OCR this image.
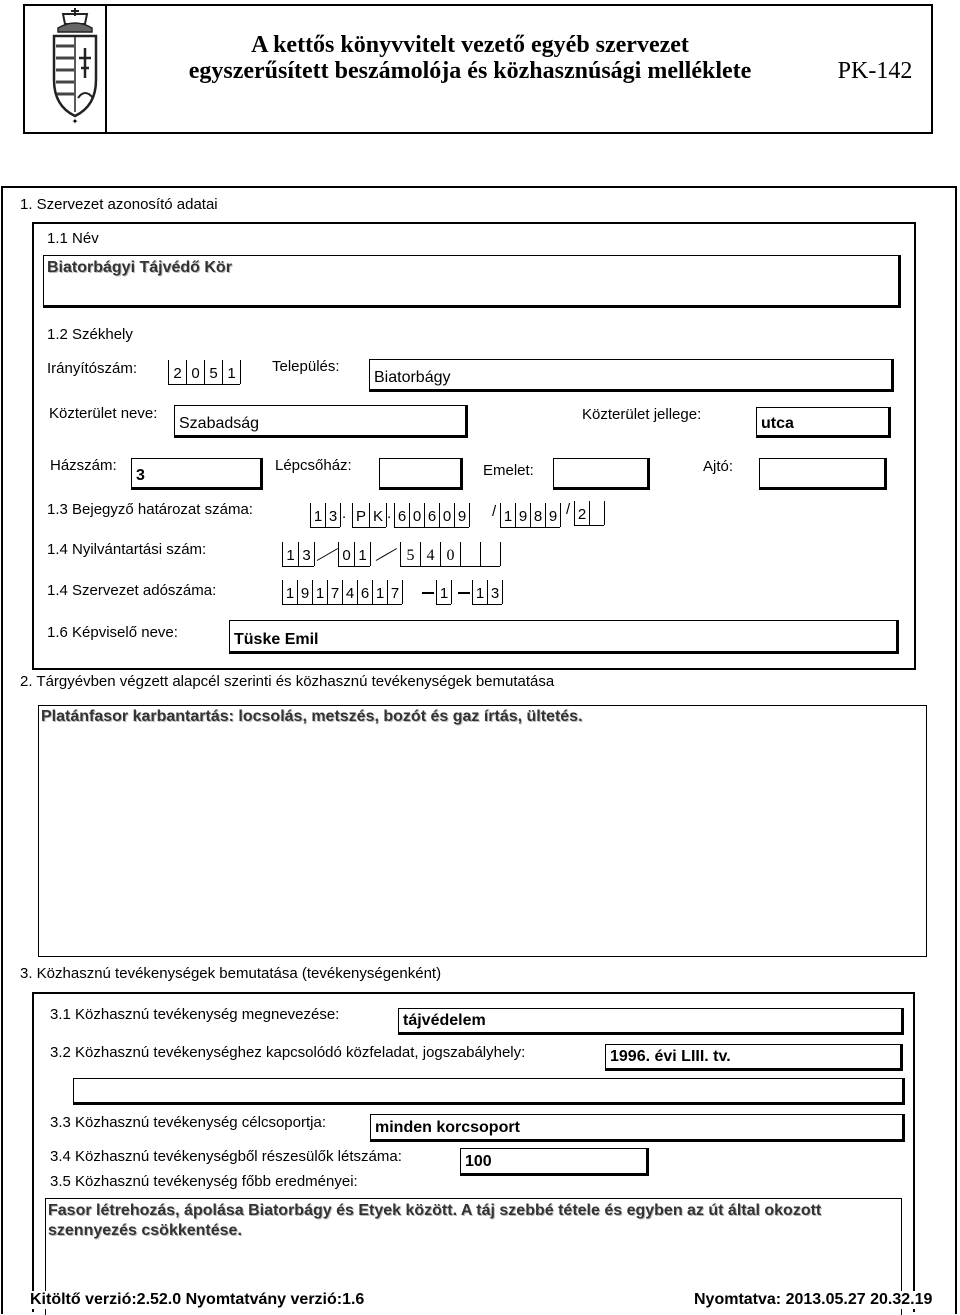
✦
A kettős könyvvitelt vezető egyéb szervezet
egyszerűsített beszámolója és közhasznúsági melléklete	PK-142
1. Szervezet azonosító adatai
1.1 Név
Biatorbágyi Tájvédő Kör
1.2 Székhely
Irányítószám: 2 0 5 1	Település:
Biatorbágy
Közterület neve:
Szabadság
Közterület jellege:
utca
Házszám:
3
Lépcsőház:	Emelet:	Ajtó:
1.3 Bejegyző határozat száma:	1 3 . P K . 6 0 6 0 9 / 1 9 8 9 / 2
1.4 Nyilvántartási szám:	1 3 0 1	5 4 0
1.4 Szervezet adószáma:	1 9 1 7 4 6 1 7	1 1 3
1.6 Képviselő neve:	Tüske Emil
2. Tárgyévben végzett alapcél szerinti és közhasznú tevékenységek bemutatása
Platánfasor karbantartás: locsolás, metszés, bozót és gaz írtás, ültetés.
3. Közhasznú tevékenységek bemutatása (tevékenységenként)
3.1 Közhasznú tevékenység megnevezése:	tájvédelem
3.2 Közhasznú tevékenységhez kapcsolódó közfeladat, jogszabályhely:	1996. évi LIII. tv.
3.3 Közhasznú tevékenység célcsoportja:	minden korcsoport
3.4 Közhasznú tevékenységből részesülők létszáma:	100
3.5 Közhasznú tevékenység főbb eredményei:
Fasor létrehozás, ápolása Biatorbágy és Etyek között. A táj szebbé tétele és egyben az út által okozott szennyezés csökkentése.
Kitöltő verzió:2.52.0 Nyomtatvány verzió:1.6	Nyomtatva: 2013.05.27 20.32.19
